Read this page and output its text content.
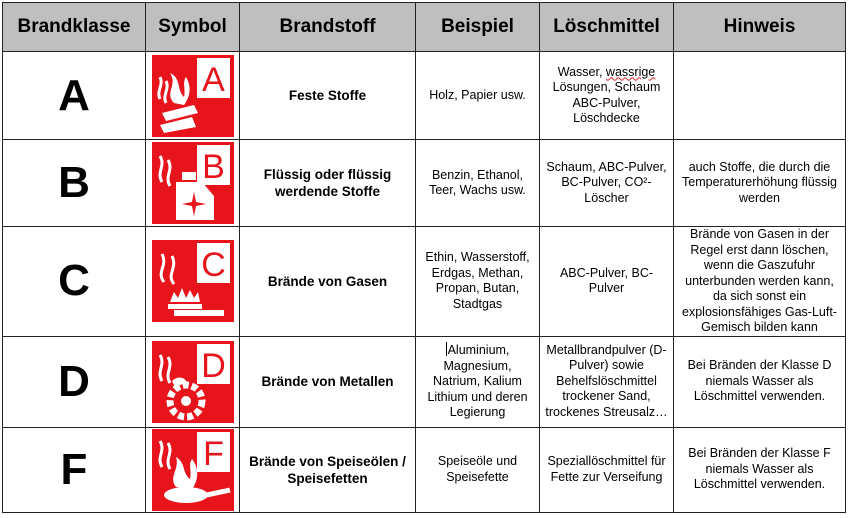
Brandklasse	Symbol	Brandstoff	Beispiel	Löschmittel	Hinweis
A	A	Feste Stoffe	Holz, Papier usw.	Wasser, wassrige
Lösungen, Schaum ABC-Pulver, Löschdecke	
B	B	Flüssig oder flüssig werdende Stoffe	Benzin, Ethanol, Teer, Wachs usw.	Schaum, ABC-Pulver, BC-Pulver, CO²-Löscher	auch Stoffe, die durch die Temperaturerhöhung flüssig werden
C	C	Brände von Gasen	Ethin, Wasserstoff, Erdgas, Methan, Propan, Butan, Stadtgas	ABC-Pulver, BC-Pulver	Brände von Gasen in der Regel erst dann löschen, wenn die Gaszufuhr unterbunden werden kann, da sich sonst ein explosionsfähiges Gas-Luft-Gemisch bilden kann
D	D	Brände von Metallen	Aluminium, Magnesium, Natrium, Kalium Lithium und deren Legierung	Metallbrandpulver (D-Pulver) sowie Behelfslöschmittel trockener Sand, trockenes Streusalz…	Bei Bränden der Klasse D niemals Wasser als Löschmittel verwenden.
F	F	Brände von Speiseölen / Speisefetten	Speiseöle und Speisefette	Speziallöschmittel für Fette zur Verseifung	Bei Bränden der Klasse F niemals Wasser als Löschmittel verwenden.
